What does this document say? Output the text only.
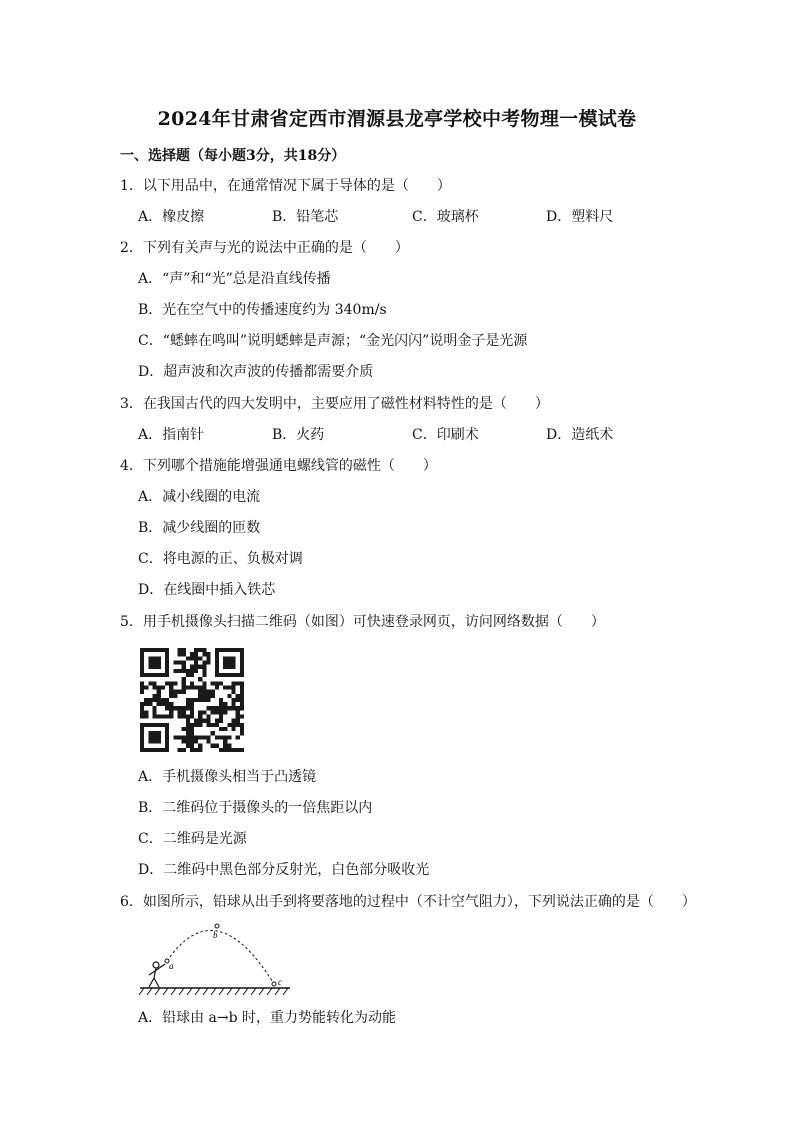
2024年甘肃省定西市渭源县龙亭学校中考物理一模试卷
一、选择题（每小题3分，共18分）
1．以下用品中，在通常情况下属于导体的是（　　）
A．橡皮擦	B．铅笔芯	C．玻璃杯	D．塑料尺
2．下列有关声与光的说法中正确的是（　　）
A．“声”和“光”总是沿直线传播
B．光在空气中的传播速度约为 340m/s
C．“蟋蟀在鸣叫”说明蟋蟀是声源；“金光闪闪”说明金子是光源
D．超声波和次声波的传播都需要介质
3．在我国古代的四大发明中，主要应用了磁性材料特性的是（　　）
A．指南针	B．火药	C．印刷术	D．造纸术
4．下列哪个措施能增强通电螺线管的磁性（　　）
A．减小线圈的电流
B．减少线圈的匝数
C．将电源的正、负极对调
D．在线圈中插入铁芯
5．用手机摄像头扫描二维码（如图）可快速登录网页，访问网络数据（　　）
A．手机摄像头相当于凸透镜
B．二维码位于摄像头的一倍焦距以内
C．二维码是光源
D．二维码中黑色部分反射光，白色部分吸收光
6．如图所示，铅球从出手到将要落地的过程中（不计空气阻力），下列说法正确的是（　　）
a
b
c
A．铅球由 a→b 时，重力势能转化为动能
